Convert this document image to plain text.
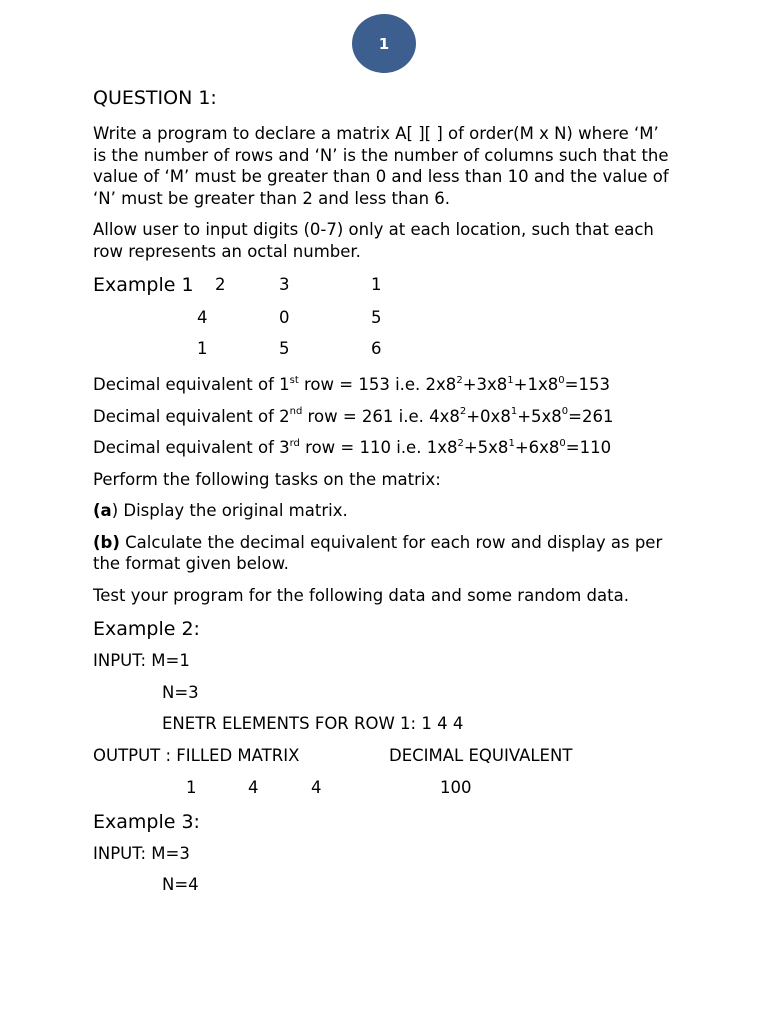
1
QUESTION 1:

Write a program to declare a matrix A[ ][ ] of order(M x N) where ‘M’ is the number of rows and ‘N’ is the number of columns such that the value of ‘M’ must be greater than 0 and less than 10 and the value of ‘N’ must be greater than 2 and less than 6.

Allow user to input digits (0-7) only at each location, such that each row represents an octal number.

Example 1 2	3	1
4	0	5
1	5	6

Decimal equivalent of 1st row = 153 i.e. $2x8^2+3x8^1+1x8^0=153$

Decimal equivalent of 2nd row = 261 i.e. $4x8^2+0x8^1+5x8^0=261$

Decimal equivalent of 3rd row = 110 i.e. $1x8^2+5x8^1+6x8^0=110$

Perform the following tasks on the matrix:

(a) Display the original matrix.

(b) Calculate the decimal equivalent for each row and display as per the format given below.

Test your program for the following data and some random data.

Example 2:

INPUT: M=1

N=3

ENETR ELEMENTS FOR ROW 1: 1 4 4

OUTPUT : FILLED MATRIX	DECIMAL EQUIVALENT
1	4	4	100
Example 3:

INPUT: M=3

N=4
